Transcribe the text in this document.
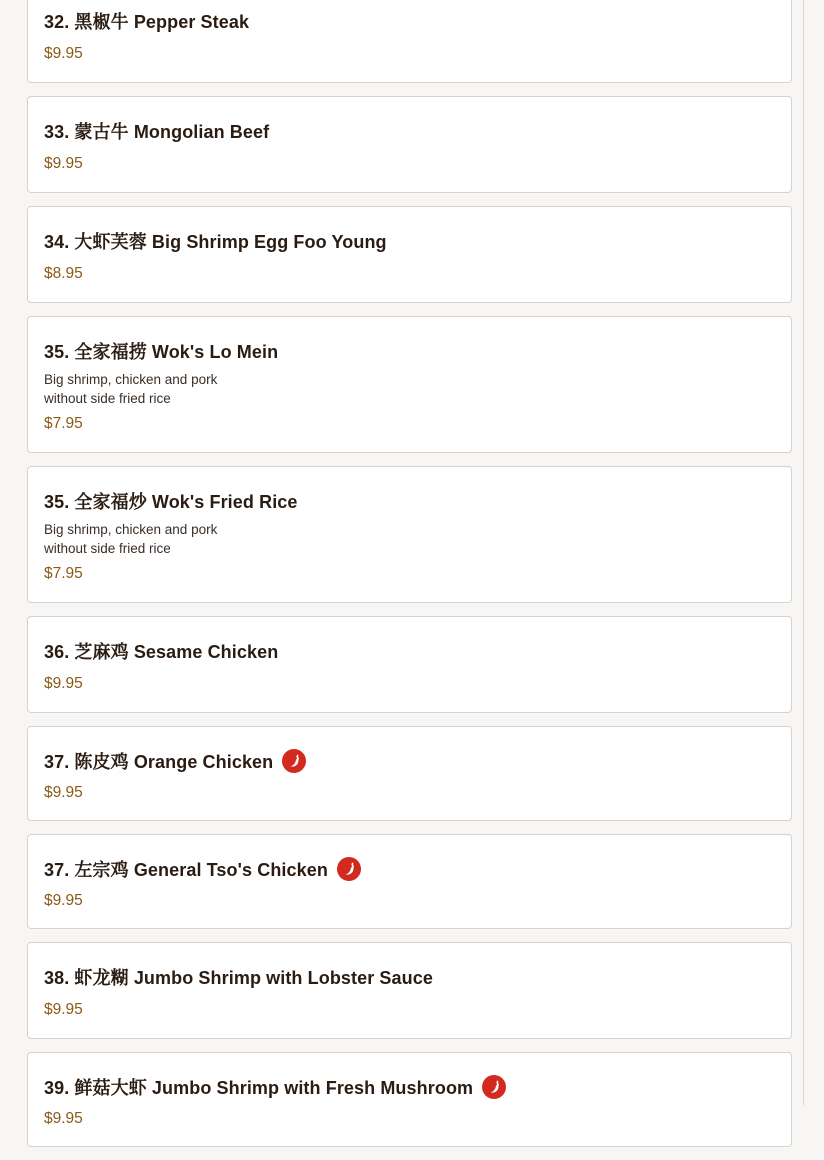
32. 黑椒牛 Pepper Steak
$9.95
33. 蒙古牛 Mongolian Beef
$9.95
34. 大虾芙蓉 Big Shrimp Egg Foo Young
$8.95
35. 全家福捞 Wok's Lo Mein
Big shrimp, chicken and pork
without side fried rice
$7.95
35. 全家福炒 Wok's Fried Rice
Big shrimp, chicken and pork
without side fried rice
$7.95
36. 芝麻鸡 Sesame Chicken
$9.95
37. 陈皮鸡 Orange Chicken
$9.95
37. 左宗鸡 General Tso's Chicken
$9.95
38. 虾龙糊 Jumbo Shrimp with Lobster Sauce
$9.95
39. 鲜菇大虾 Jumbo Shrimp with Fresh Mushroom
$9.95
